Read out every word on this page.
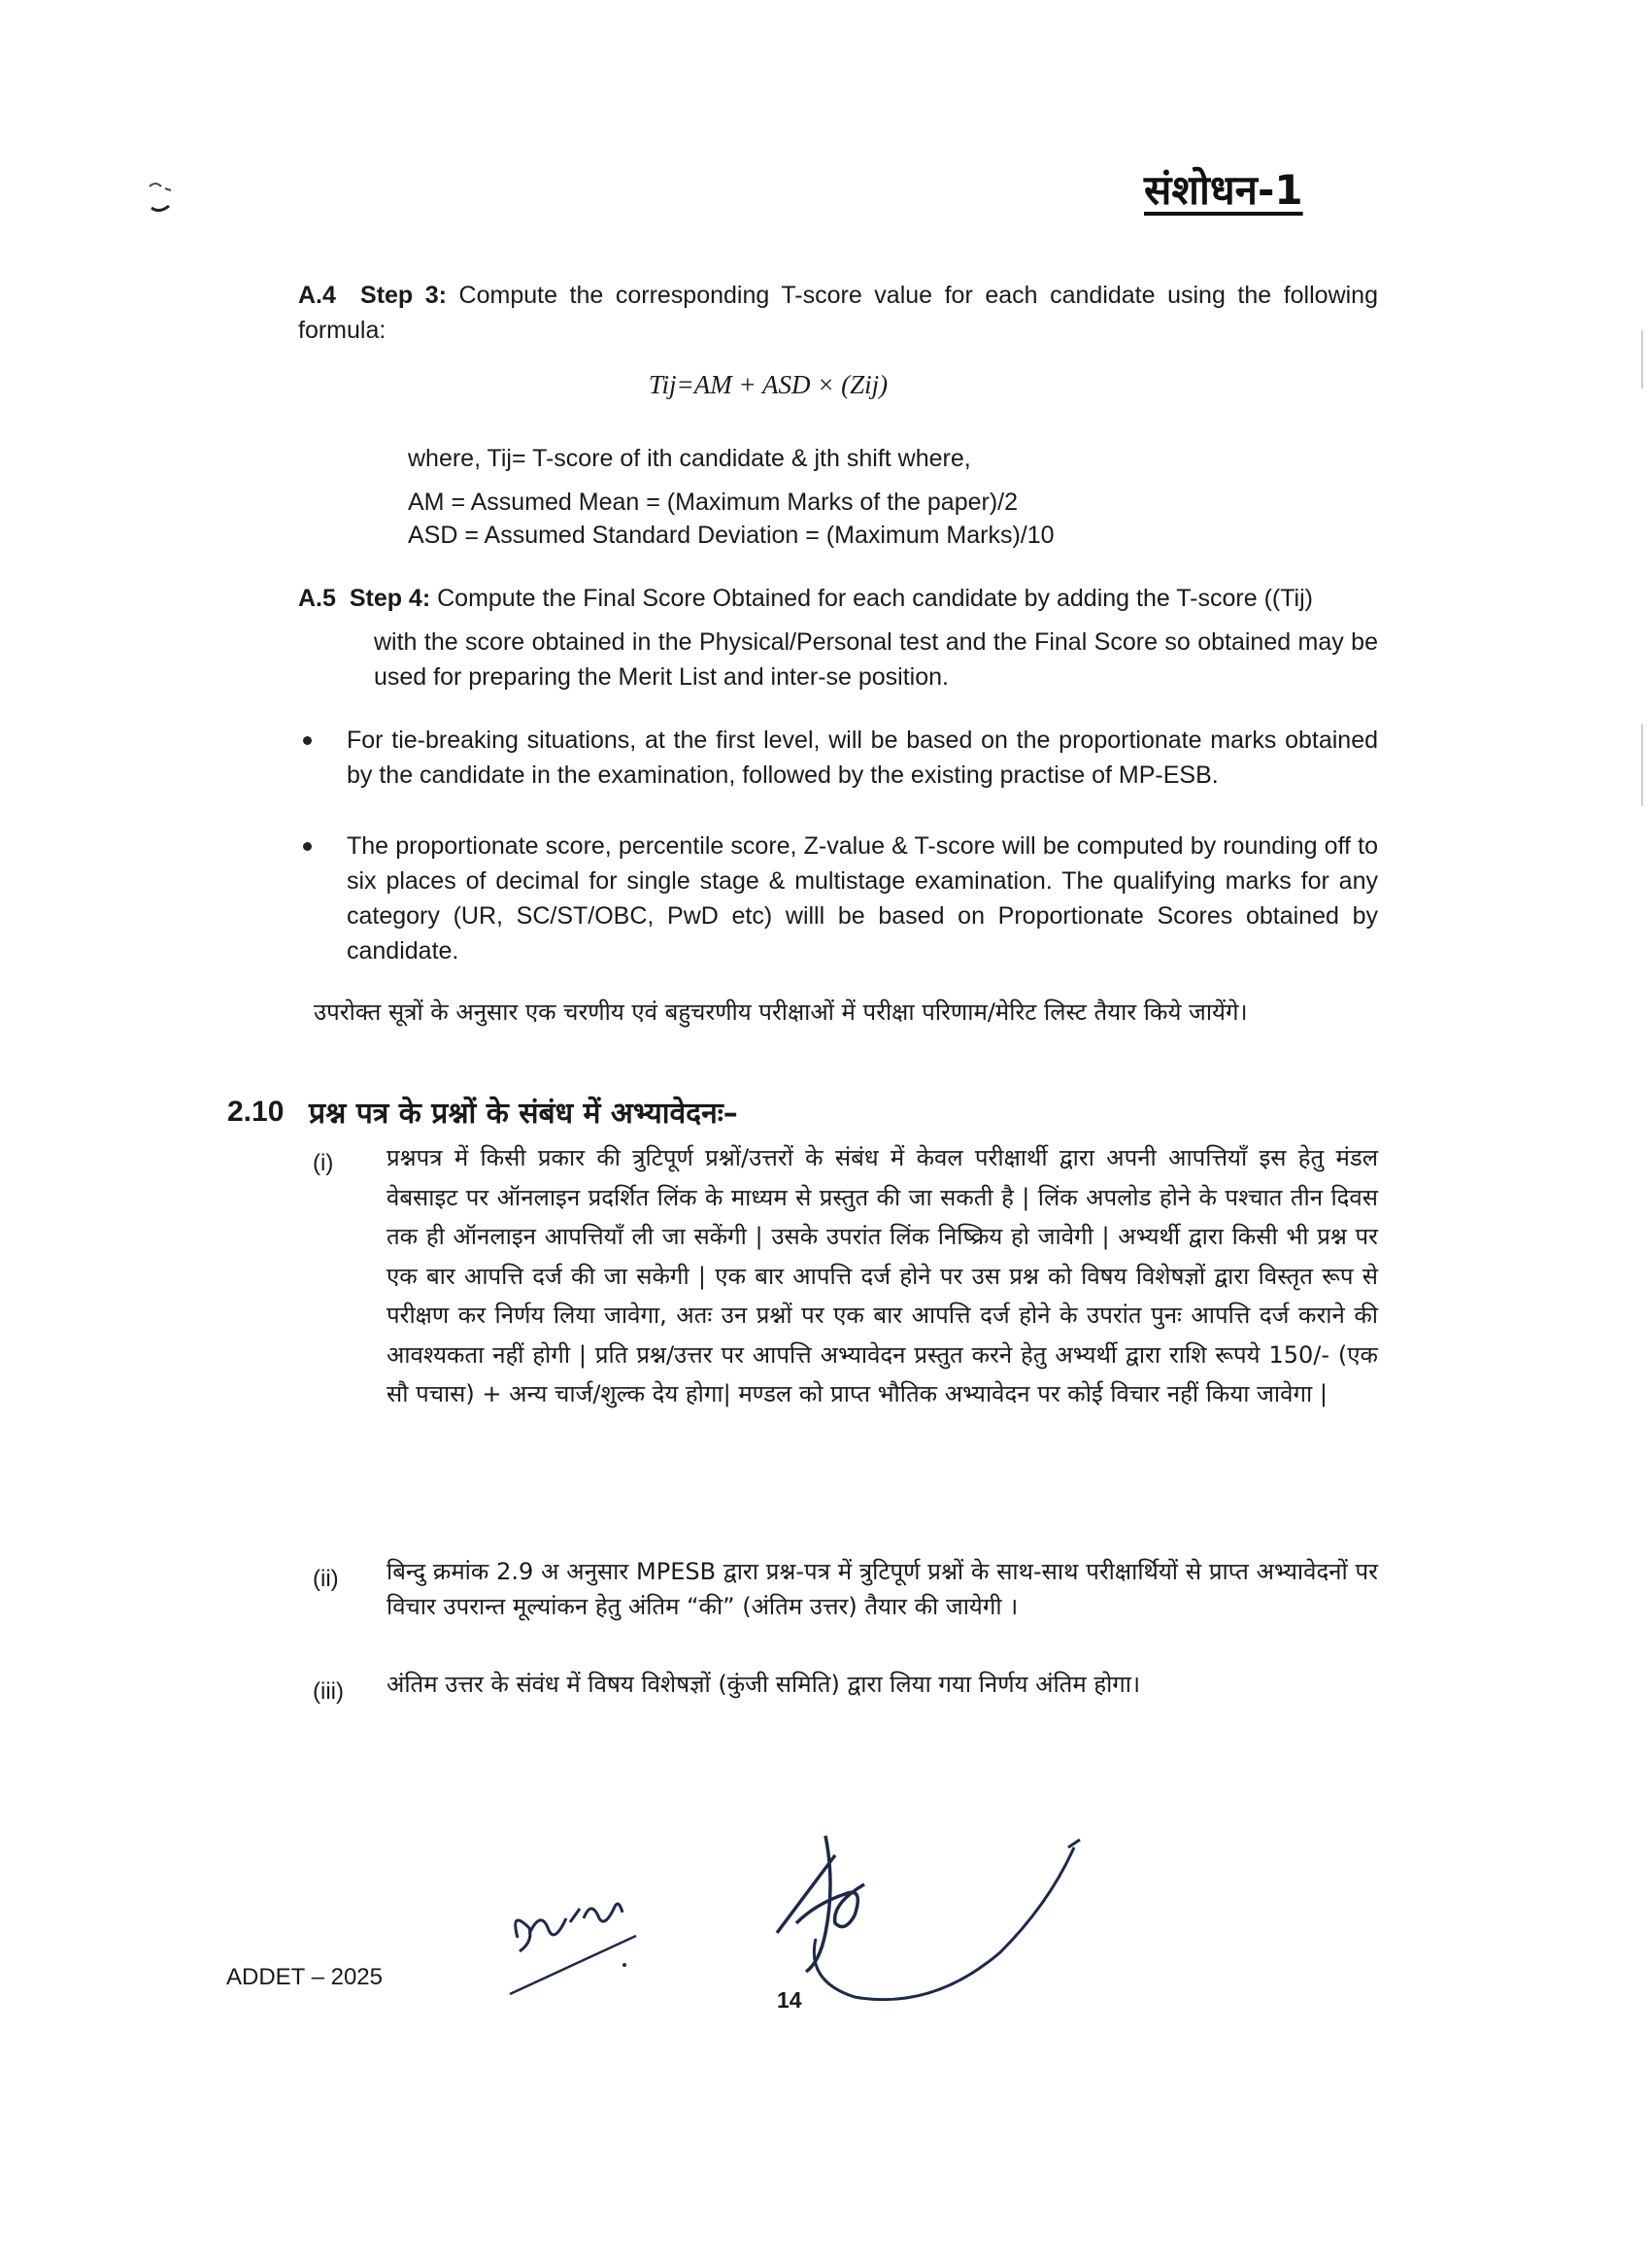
संशोधन-1
A.4 Step 3: Compute the corresponding T-score value for each candidate using the following formula:
Tij=AM + ASD × (Zij)
where, Tij= T-score of ith candidate & jth shift where,
AM = Assumed Mean = (Maximum Marks of the paper)/2
ASD = Assumed Standard Deviation = (Maximum Marks)/10
A.5 Step 4: Compute the Final Score Obtained for each candidate by adding the T-score ((Tij)
with the score obtained in the Physical/Personal test and the Final Score so obtained may be used for preparing the Merit List and inter-se position.
For tie-breaking situations, at the first level, will be based on the proportionate marks obtained by the candidate in the examination, followed by the existing practise of MP-ESB.
The proportionate score, percentile score, Z-value & T-score will be computed by rounding off to six places of decimal for single stage & multistage examination. The qualifying marks for any category (UR, SC/ST/OBC, PwD etc) willl be based on Proportionate Scores obtained by candidate.
उपरोक्त सूत्रों के अनुसार एक चरणीय एवं बहुचरणीय परीक्षाओं में परीक्षा परिणाम/मेरिट लिस्ट तैयार किये जायेंगे।
2.10 प्रश्न पत्र के प्रश्नों के संबंध में अभ्यावेदनः–
(i) प्रश्नपत्र में किसी प्रकार की त्रुटिपूर्ण प्रश्नों/उत्तरों के संबंध में केवल परीक्षार्थी द्वारा अपनी आपत्तियाँ इस हेतु मंडल वेबसाइट पर ऑनलाइन प्रदर्शित लिंक के माध्यम से प्रस्तुत की जा सकती है | लिंक अपलोड होने के पश्चात तीन दिवस तक ही ऑनलाइन आपत्तियाँ ली जा सकेंगी | उसके उपरांत लिंक निष्क्रिय हो जावेगी | अभ्यर्थी द्वारा किसी भी प्रश्न पर एक बार आपत्ति दर्ज की जा सकेगी | एक बार आपत्ति दर्ज होने पर उस प्रश्न को विषय विशेषज्ञों द्वारा विस्तृत रूप से परीक्षण कर निर्णय लिया जावेगा, अतः उन प्रश्नों पर एक बार आपत्ति दर्ज होने के उपरांत पुनः आपत्ति दर्ज कराने की आवश्यकता नहीं होगी | प्रति प्रश्न/उत्तर पर आपत्ति अभ्यावेदन प्रस्तुत करने हेतु अभ्यर्थी द्वारा राशि रूपये 150/- (एक सौ पचास) + अन्य चार्ज/शुल्क देय होगा| मण्डल को प्राप्त भौतिक अभ्यावेदन पर कोई विचार नहीं किया जावेगा |
(ii) बिन्दु क्रमांक 2.9 अ अनुसार MPESB द्वारा प्रश्न-पत्र में त्रुटिपूर्ण प्रश्नों के साथ-साथ परीक्षार्थियों से प्राप्त अभ्यावेदनों पर विचार उपरान्त मूल्यांकन हेतु अंतिम “की” (अंतिम उत्तर) तैयार की जायेगी ।
(iii) अंतिम उत्तर के संवंध में विषय विशेषज्ञों (कुंजी समिति) द्वारा लिया गया निर्णय अंतिम होगा।
ADDET – 2025
14
